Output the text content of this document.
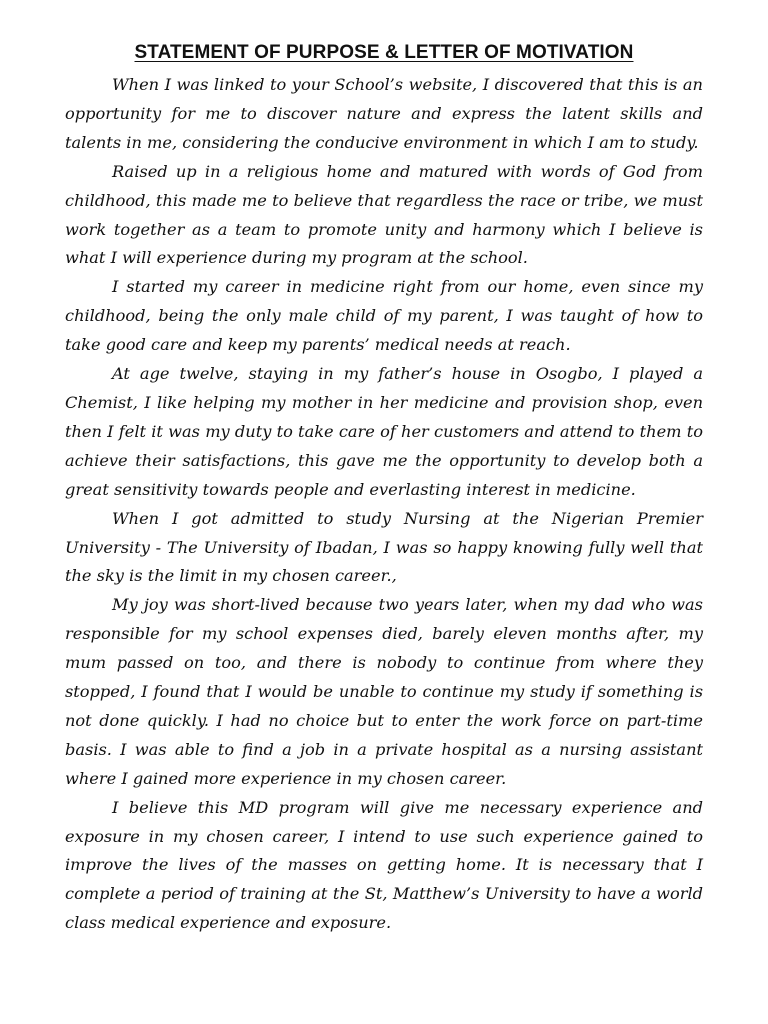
STATEMENT OF PURPOSE & LETTER OF MOTIVATION

When I was linked to your School’s website, I discovered that this is an opportunity for me to discover nature and express the latent skills and talents in me, considering the conducive environment in which I am to study.

Raised up in a religious home and matured with words of God from childhood, this made me to believe that regardless the race or tribe, we must work together as a team to promote unity and harmony which I believe is what I will experience during my program at the school.

I started my career in medicine right from our home, even since my childhood, being the only male child of my parent, I was taught of how to take good care and keep my parents’ medical needs at reach.

At age twelve, staying in my father’s house in Osogbo, I played a Chemist, I like helping my mother in her medicine and provision shop, even then I felt it was my duty to take care of her customers and attend to them to achieve their satisfactions, this gave me the opportunity to develop both a great sensitivity towards people and everlasting interest in medicine.

When I got admitted to study Nursing at the Nigerian Premier University - The University of Ibadan, I was so happy knowing fully well that the sky is the limit in my chosen career.,

My joy was short-lived because two years later, when my dad who was responsible for my school expenses died, barely eleven months after, my mum passed on too, and there is nobody to continue from where they stopped, I found that I would be unable to continue my study if something is not done quickly. I had no choice but to enter the work force on part-time basis. I was able to find a job in a private hospital as a nursing assistant where I gained more experience in my chosen career.

I believe this MD program will give me necessary experience and exposure in my chosen career, I intend to use such experience gained to improve the lives of the masses on getting home. It is necessary that I complete a period of training at the St, Matthew’s University to have a world class medical experience and exposure.
